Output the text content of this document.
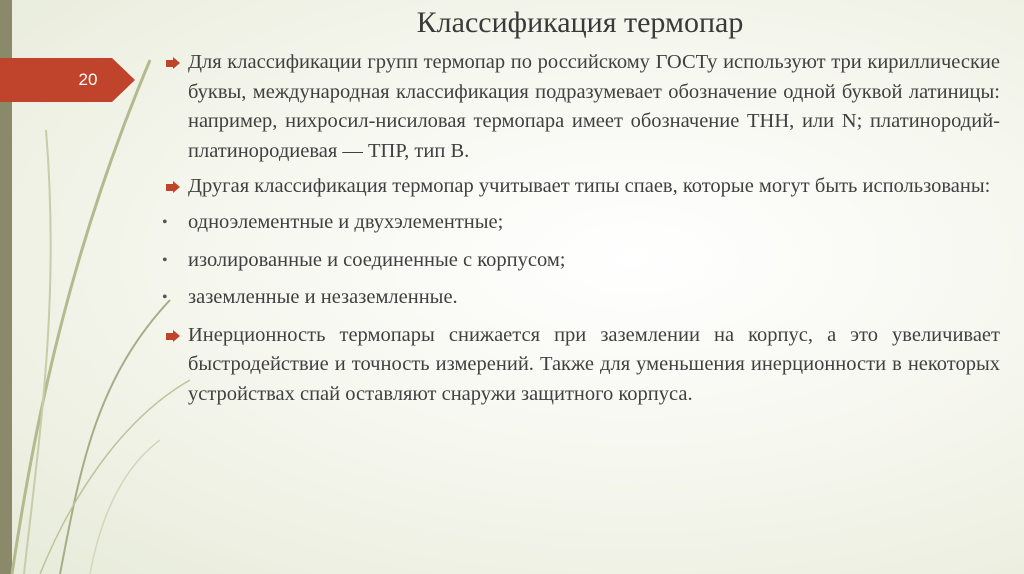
20
Классификация термопар
Для классификации групп термопар по российскому ГОСТу используют три кириллические буквы, международная классификация подразумевает обозначение одной буквой латиницы: например, нихросил-нисиловая термопара имеет обозначение ТНН, или N; платинородий-платинородиевая — ТПР, тип В.
Другая классификация термопар учитывает типы спаев, которые могут быть использованы:
• одноэлементные и двухэлементные;
• изолированные и соединенные с корпусом;
• заземленные и незаземленные.
Инерционность термопары снижается при заземлении на корпус, а это увеличивает быстродействие и точность измерений. Также для уменьшения инерционности в некоторых устройствах спай оставляют снаружи защитного корпуса.
